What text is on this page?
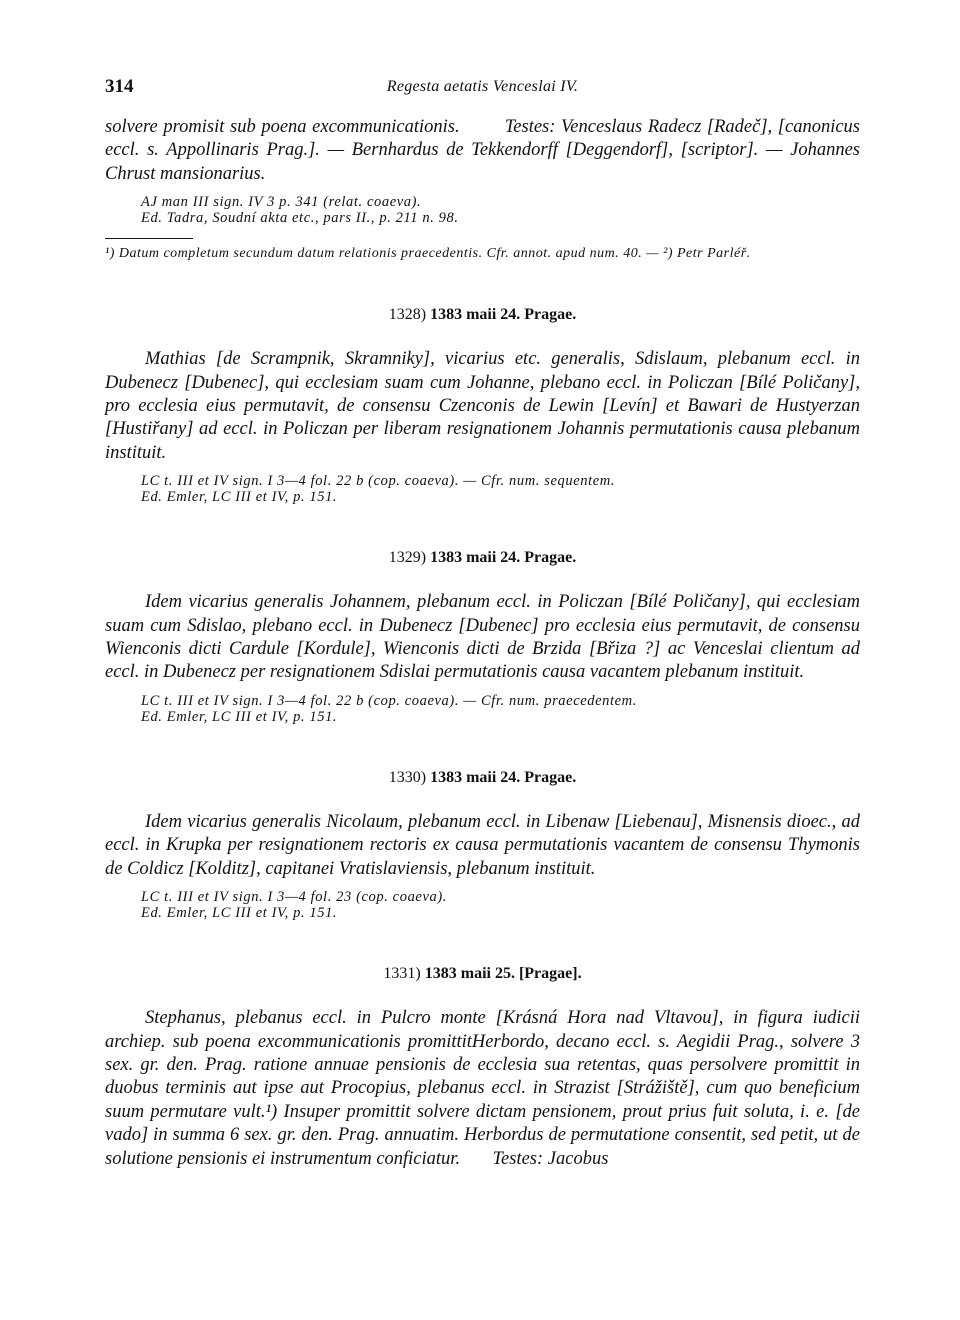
314	Regesta aetatis Venceslai IV.

solvere promisit sub poena excommunicationis.        Testes: Venceslaus Radecz [Radeč], [canonicus eccl. s. Appollinaris Prag.]. — Bernhardus de Tekkendorff [Deggendorf], [scriptor]. — Johannes Chrust mansionarius.

AJ man III sign. IV 3 p. 341 (relat. coaeva).

Ed. Tadra, Soudní akta etc., pars II., p. 211 n. 98.

¹) Datum completum secundum datum relationis praecedentis. Cfr. annot. apud num. 40. — ²) Petr Parléř.

1328) 1383 maii 24. Pragae.

Mathias [de Scrampnik, Skramniky], vicarius etc. generalis, Sdislaum, plebanum eccl. in Dubenecz [Dubenec], qui ecclesiam suam cum Johanne, plebano eccl. in Policzan [Bílé Poličany], pro ecclesia eius permutavit, de consensu Czenconis de Lewin [Levín] et Bawari de Hustyerzan [Hustiřany] ad eccl. in Policzan per liberam resignationem Johannis permutationis causa plebanum instituit.

LC t. III et IV sign. I 3—4 fol. 22 b (cop. coaeva). — Cfr. num. sequentem.

Ed. Emler, LC III et IV, p. 151.

1329) 1383 maii 24. Pragae.

Idem vicarius generalis Johannem, plebanum eccl. in Policzan [Bílé Poličany], qui ecclesiam suam cum Sdislao, plebano eccl. in Dubenecz [Dubenec] pro ecclesia eius permutavit, de consensu Wienconis dicti Cardule [Kordule], Wienconis dicti de Brzida [Břiza ?] ac Venceslai clientum ad eccl. in Dubenecz per resignationem Sdislai permutationis causa vacantem plebanum instituit.

LC t. III et IV sign. I 3—4 fol. 22 b (cop. coaeva). — Cfr. num. praecedentem.

Ed. Emler, LC III et IV, p. 151.

1330) 1383 maii 24. Pragae.

Idem vicarius generalis Nicolaum, plebanum eccl. in Libenaw [Liebenau], Misnensis dioec., ad eccl. in Krupka per resignationem rectoris ex causa permutationis vacantem de consensu Thymonis de Coldicz [Kolditz], capitanei Vratislaviensis, plebanum instituit.

LC t. III et IV sign. I 3—4 fol. 23 (cop. coaeva).

Ed. Emler, LC III et IV, p. 151.

1331) 1383 maii 25. [Pragae].

Stephanus, plebanus eccl. in Pulcro monte [Krásná Hora nad Vltavou], in figura iudicii archiep. sub poena excommunicationis promittitHerbordo, decano eccl. s. Aegidii Prag., solvere 3 sex. gr. den. Prag. ratione annuae pensionis de ecclesia sua retentas, quas persolvere promittit in duobus terminis aut ipse aut Procopius, plebanus eccl. in Strazist [Strážiště], cum quo beneficium suum permutare vult.¹) Insuper promittit solvere dictam pensionem, prout prius fuit soluta, i. e. [de vado] in summa 6 sex. gr. den. Prag. annuatim. Herbordus de permutatione consentit, sed petit, ut de solutione pensionis ei instrumentum conficiatur.       Testes: Jacobus
